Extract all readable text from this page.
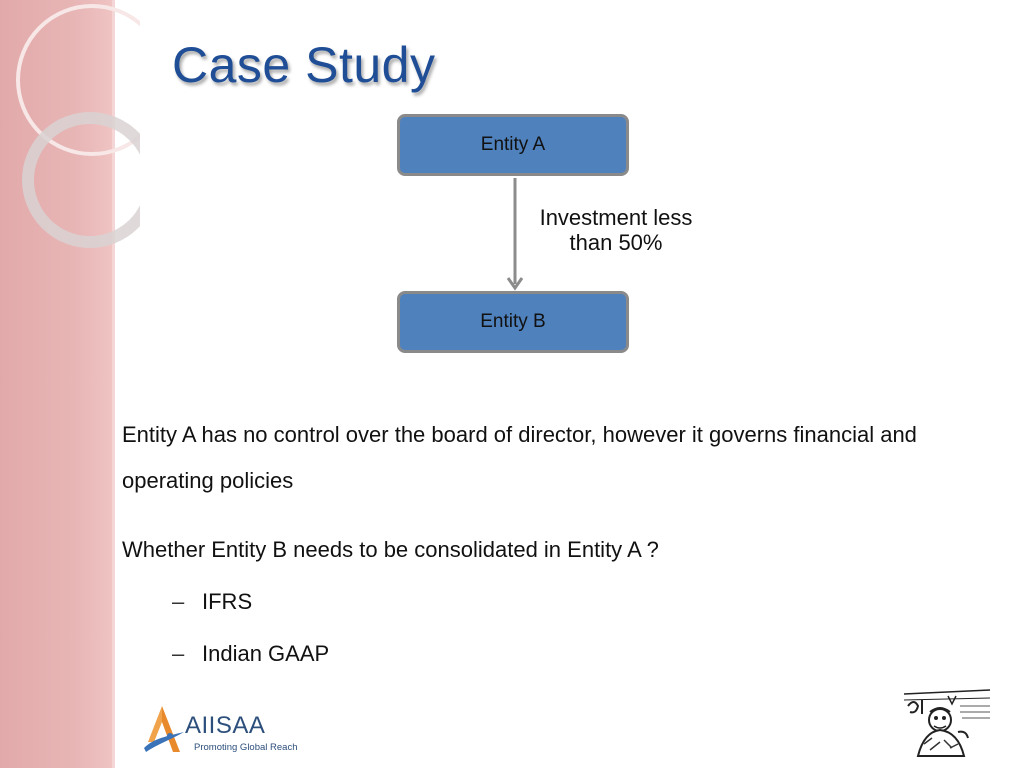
Case Study
Entity A
Investment less
than 50%
Entity B
Entity A has no control over the board of director, however it governs financial and operating policies
Whether Entity B needs to be consolidated in Entity A ?
– IFRS
– Indian GAAP
AIISAA
Promoting Global Reach
